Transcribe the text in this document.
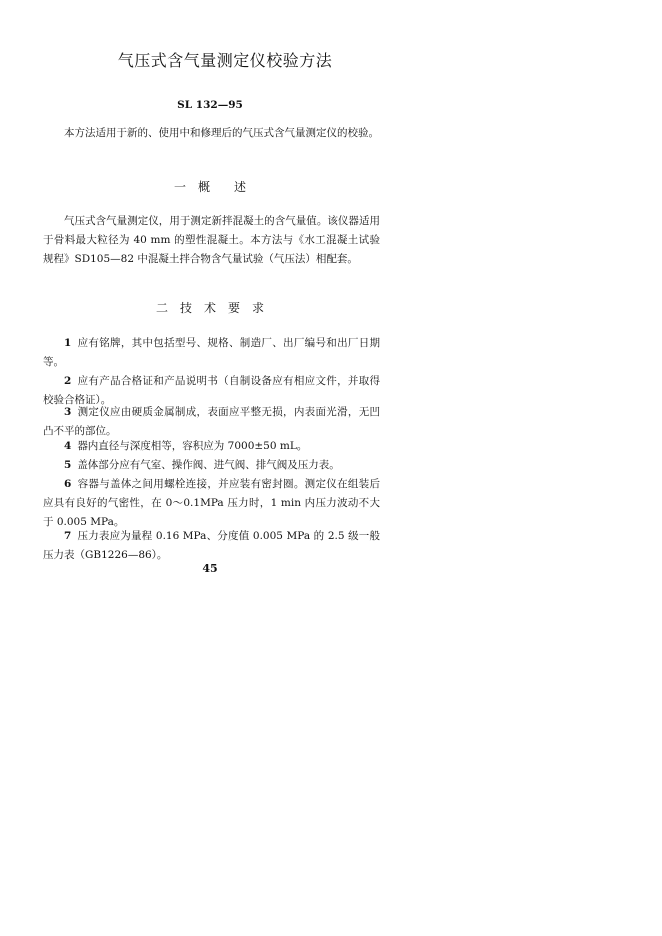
气压式含气量测定仪校验方法
SL 132—95

本方法适用于新的、使用中和修理后的气压式含气量测定仪的校验。

一　概　　述

气压式含气量测定仪，用于测定新拌混凝土的含气量值。该仪器适用于骨料最大粒径为 40 mm 的塑性混凝土。本方法与《水工混凝土试验规程》SD105—82 中混凝土拌合物含气量试验（气压法）相配套。

二　技　术　要　求

1 应有铭牌，其中包括型号、规格、制造厂、出厂编号和出厂日期等。

2 应有产品合格证和产品说明书（自制设备应有相应文件，并取得校验合格证）。

3 测定仪应由硬质金属制成，表面应平整无损，内表面光滑，无凹凸不平的部位。

4 器内直径与深度相等，容积应为 7000±50 mL。

5 盖体部分应有气室、操作阀、进气阀、排气阀及压力表。

6 容器与盖体之间用螺栓连接，并应装有密封圈。测定仪在组装后应具有良好的气密性，在 0～0.1MPa 压力时，1 min 内压力波动不大于 0.005 MPa。

7 压力表应为量程 0.16 MPa、分度值 0.005 MPa 的 2.5 级一般压力表（GB1226—86）。

45
